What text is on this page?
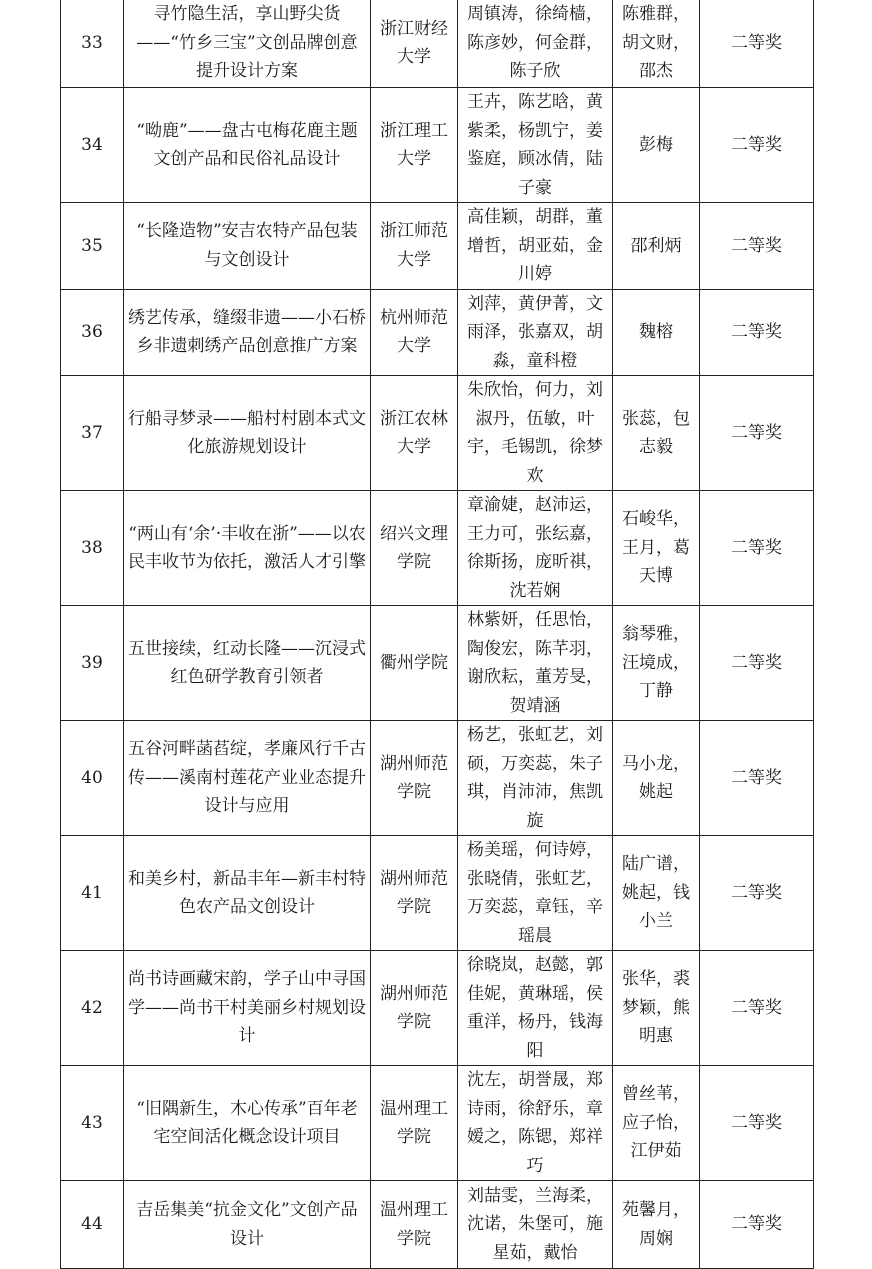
33	寻竹隐生活，享山野尖货——“竹乡三宝”文创品牌创意提升设计方案	浙江财经大学	周镇涛，徐绮樯，陈彦妙，何金群，陈子欣	陈雅群，胡文财，邵杰	二等奖
34	“呦鹿”——盘古屯梅花鹿主题文创产品和民俗礼品设计	浙江理工大学	王卉，陈艺晗，黄紫柔，杨凯宁，姜鉴庭，顾冰倩，陆子豪	彭梅	二等奖
35	“长隆造物”安吉农特产品包装与文创设计	浙江师范大学	高佳颖，胡群，董增哲，胡亚茹，金川婷	邵利炳	二等奖
36	绣艺传承，缝缀非遗——小石桥乡非遗刺绣产品创意推广方案	杭州师范大学	刘萍，黄伊菁，文雨泽，张嘉双，胡淼，童科橙	魏榕	二等奖
37	行船寻梦录——船村村剧本式文化旅游规划设计	浙江农林大学	朱欣怡，何力，刘淑丹，伍敏，叶宇，毛锡凯，徐梦欢	张蕊，包志毅	二等奖
38	“两山有‘余’·丰收在浙”——以农民丰收节为依托，激活人才引擎	绍兴文理学院	章渝婕，赵沛运，王力可，张纭嘉，徐斯扬，庞昕祺，沈若娴	石峻华，王月，葛天博	二等奖
39	五世接续，红动长隆——沉浸式红色研学教育引领者	衢州学院	林紫妍，任思怡，陶俊宏，陈芊羽，谢欣耘，董芳旻，贺靖涵	翁琴雅，汪境成，丁静	二等奖
40	五谷河畔菡萏绽，孝廉风行千古传——溪南村莲花产业业态提升设计与应用	湖州师范学院	杨艺，张虹艺，刘硕，万奕蕊，朱子琪，肖沛沛，焦凯旋	马小龙，姚起	二等奖
41	和美乡村，新品丰年—新丰村特色农产品文创设计	湖州师范学院	杨美瑶，何诗婷，张晓倩，张虹艺，万奕蕊，章钰，辛瑶晨	陆广谱，姚起，钱小兰	二等奖
42	尚书诗画藏宋韵，学子山中寻国学——尚书干村美丽乡村规划设计	湖州师范学院	徐晓岚，赵懿，郭佳妮，黄琳瑶，侯重洋，杨丹，钱海阳	张华，裘梦颖，熊明惠	二等奖
43	“旧隅新生，木心传承”百年老宅空间活化概念设计项目	温州理工学院	沈左，胡誉晟，郑诗雨，徐舒乐，章嫒之，陈锶，郑祥巧	曾丝苇，应子怡，江伊茹	二等奖
44	吉岳集美“抗金文化”文创产品设计	温州理工学院	刘喆雯，兰海柔，沈诺，朱堡可，施星茹，戴怡	苑馨月，周娴	二等奖
